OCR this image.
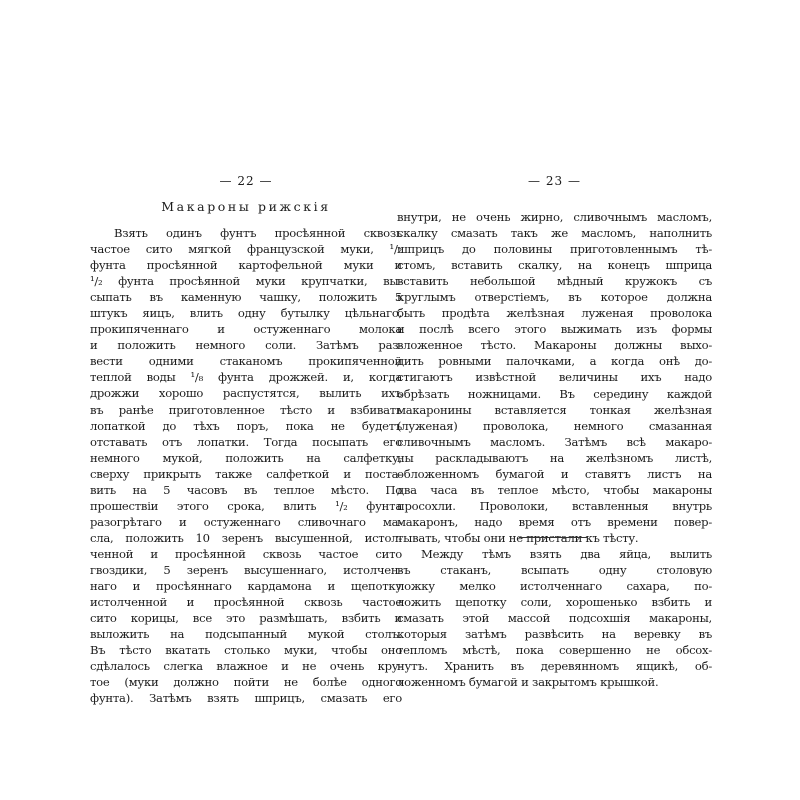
— 22 —
Макароны рижскія
Взять одинъ фунтъ просѣянной сквозь
частое сито мягкой французской муки, ¹/₂
фунта просѣянной картофельной муки и
¹/₂ фунта просѣянной муки крупчатки, вы-
сыпать въ каменную чашку, положить 5
штукъ яицъ, влить одну бутылку цѣльнаго,
прокипяченнаго и остуженнаго молока
и положить немного соли. Затѣмъ раз-
вести одними стаканомъ прокипяченной
теплой воды ¹/₈ фунта дрожжей. и, когда
дрожжи хорошо распустятся, вылить ихъ
въ ранѣе приготовленное тѣсто и взбивать
лопаткой до тѣхъ поръ, пока не будетъ
отставать отъ лопатки. Тогда посыпать его
немного мукой, положить на салфетку,
сверху прикрыть также салфеткой и поста-
вить на 5 часовъ въ теплое мѣсто. По
прошествіи этого срока, влить ¹/₂ фунта
разогрѣтаго и остуженнаго сливочнаго ма-
сла, положить 10 зеренъ высушенной, истол-
ченной и просѣянной сквозь частое сито
гвоздики, 5 зеренъ высушеннаго, истолчен-
наго и просѣяннаго кардамона и щепотку
истолченной и просѣянной сквозь частое
сито корицы, все это размѣшать, взбить и
выложить на подсыпанный мукой столъ.
Въ тѣсто вкатать столько муки, чтобы оно
сдѣлалось слегка влажное и не очень кру-
тое (муки должно пойти не болѣе одного
фунта). Затѣмъ взять шприцъ, смазать его
— 23 —
внутри, не очень жирно, сливочнымъ масломъ,
скалку смазать такъ же масломъ, наполнить
шприцъ до половины приготовленнымъ тѣ-
стомъ, вставить скалку, на конецъ шприца
вставить небольшой мѣдный кружокъ съ
круглымъ отверстіемъ, въ которое должна
быть продѣта желѣзная луженая проволока
и послѣ всего этого выжимать изъ формы
вложенное тѣсто. Макароны должны выхо-
дить ровными палочками, а когда онѣ до-
стигаютъ извѣстной величины ихъ надо
обрѣзать ножницами. Въ середину каждой
макаронины вставляется тонкая желѣзная
(луженая) проволока, немного смазанная
сливочнымъ масломъ. Затѣмъ всѣ макаро-
ны раскладываютъ на желѣзномъ листѣ,
обложенномъ бумагой и ставятъ листъ на
два часа въ теплое мѣсто, чтобы макароны
просохли. Проволоки, вставленныя внутрь
макаронъ, надо время отъ времени повер-
тывать, чтобы они не пристали къ тѣсту.
Между тѣмъ взять два яйца, вылить
въ стаканъ, всыпать одну столовую
ложку мелко истолченнаго сахара, по-
ложить щепотку соли, хорошенько взбить и
смазать этой массой подсохшія макароны,
которыя затѣмъ развѣсить на веревку въ
тепломъ мѣстѣ, пока совершенно не обсох-
нутъ. Хранить въ деревянномъ ящикѣ, об-
ложенномъ бумагой и закрытомъ крышкой.
